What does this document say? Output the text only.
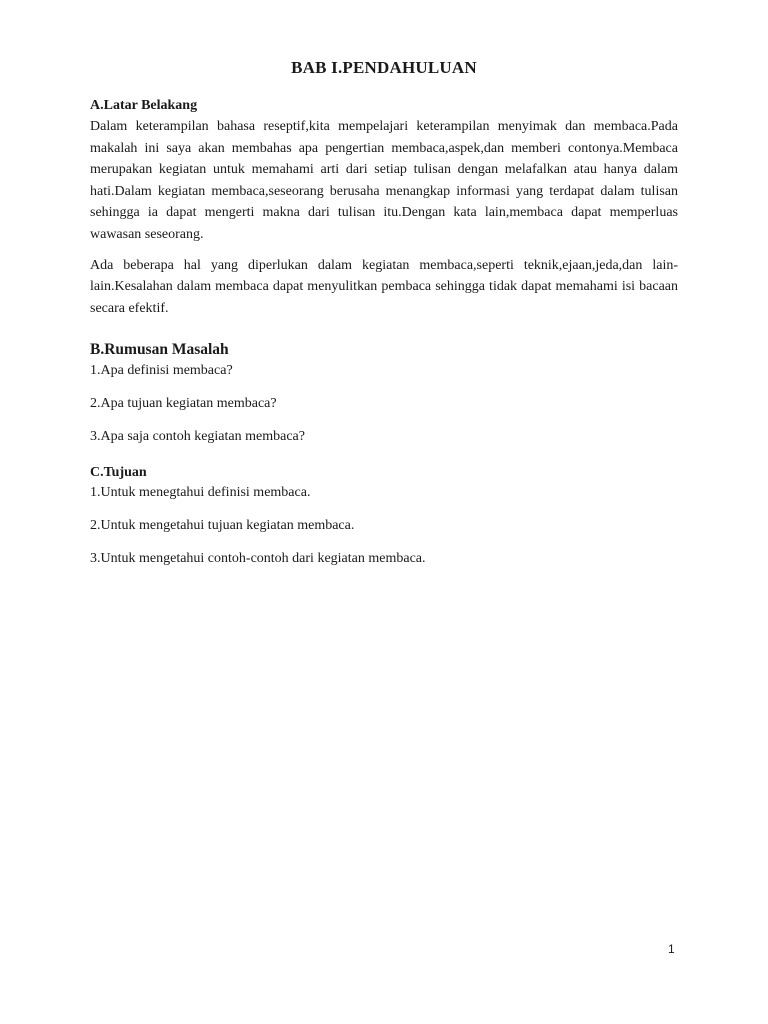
BAB I.PENDAHULUAN
A.Latar Belakang

Dalam keterampilan bahasa reseptif,kita mempelajari keterampilan menyimak dan membaca.Pada makalah ini saya akan membahas apa pengertian membaca,aspek,dan memberi contonya.Membaca merupakan kegiatan untuk memahami arti dari setiap tulisan dengan melafalkan atau hanya dalam hati.Dalam kegiatan membaca,seseorang berusaha menangkap informasi yang terdapat dalam tulisan sehingga ia dapat mengerti makna dari tulisan itu.Dengan kata lain,membaca dapat memperluas wawasan seseorang.

Ada beberapa hal yang diperlukan dalam kegiatan membaca,seperti teknik,ejaan,jeda,dan lain-lain.Kesalahan dalam membaca dapat menyulitkan pembaca sehingga tidak dapat memahami isi bacaan secara efektif.

B.Rumusan Masalah

1.Apa definisi membaca?

2.Apa tujuan kegiatan membaca?

3.Apa saja contoh kegiatan membaca?

C.Tujuan

1.Untuk menegtahui definisi membaca.

2.Untuk mengetahui tujuan kegiatan membaca.

3.Untuk mengetahui contoh-contoh dari kegiatan membaca.

1
